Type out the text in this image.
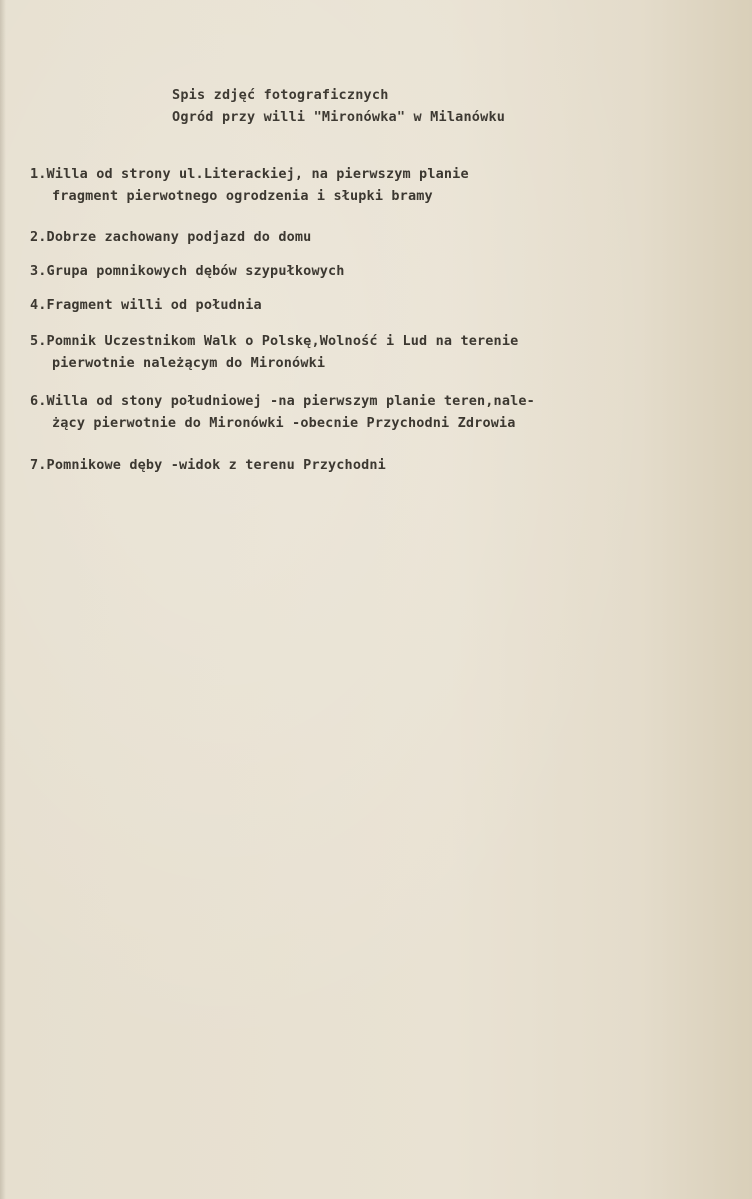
Spis zdjęć fotograficznych
Ogród przy willi "Mironówka" w Milanówku
1.Willa od strony ul.Literackiej, na pierwszym planie
fragment pierwotnego ogrodzenia i słupki bramy
2.Dobrze zachowany podjazd do domu
3.Grupa pomnikowych dębów szypułkowych
4.Fragment willi od południa
5.Pomnik Uczestnikom Walk o Polskę,Wolność i Lud na terenie
pierwotnie należącym do Mironówki
6.Willa od stony południowej -na pierwszym planie teren,nale-
żący pierwotnie do Mironówki -obecnie Przychodni Zdrowia
7.Pomnikowe dęby -widok z terenu Przychodni
